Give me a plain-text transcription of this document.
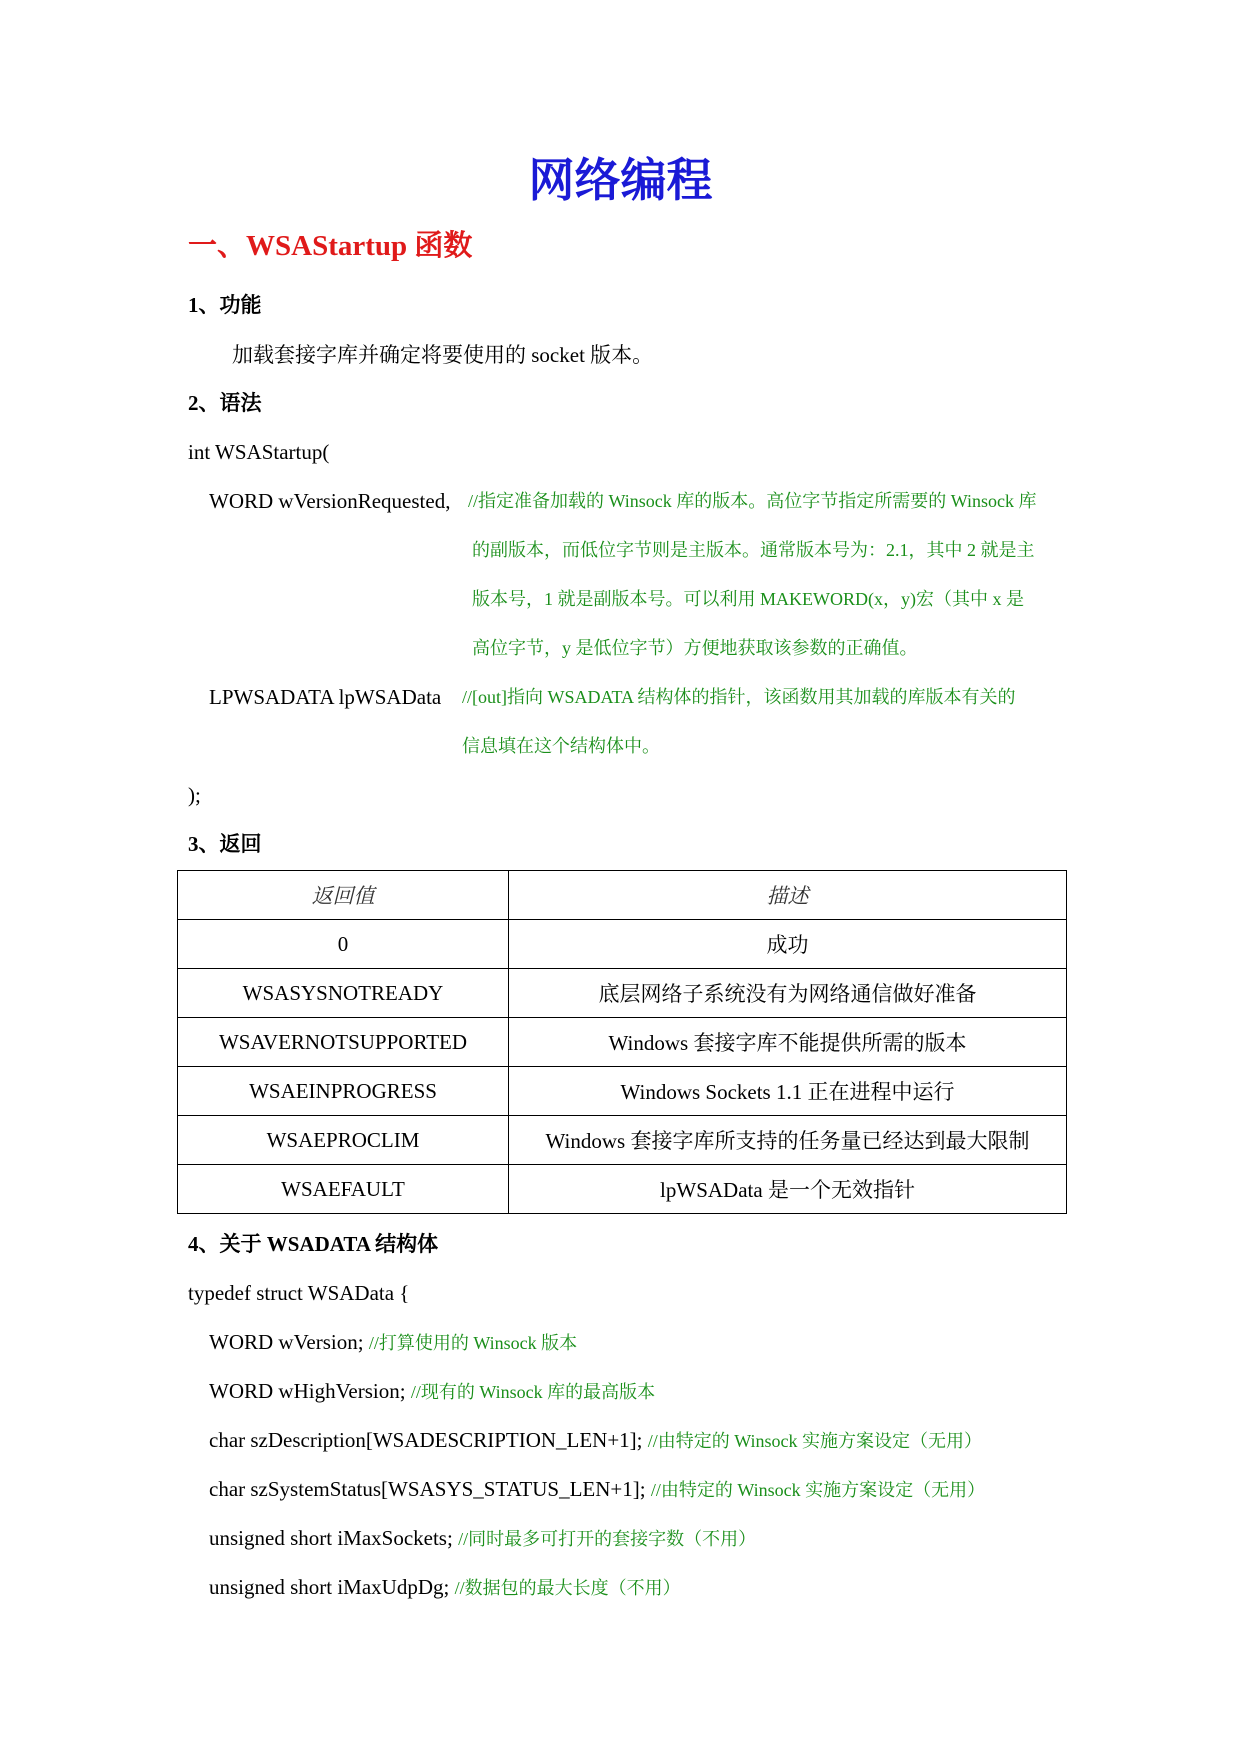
网络编程
一、WSAStartup 函数
1、功能
加载套接字库并确定将要使用的 socket 版本。
2、语法
int WSAStartup(
WORD wVersionRequested, //指定准备加载的 Winsock 库的版本。高位字节指定所需要的 Winsock 库
的副版本，而低位字节则是主版本。通常版本号为：2.1，其中 2 就是主
版本号，1 就是副版本号。可以利用 MAKEWORD(x，y)宏（其中 x 是
高位字节，y 是低位字节）方便地获取该参数的正确值。
LPWSADATA lpWSAData //[out]指向 WSADATA 结构体的指针，该函数用其加载的库版本有关的
信息填在这个结构体中。
);
3、返回
返回值	描述
0	成功
WSASYSNOTREADY	底层网络子系统没有为网络通信做好准备
WSAVERNOTSUPPORTED	Windows 套接字库不能提供所需的版本
WSAEINPROGRESS	Windows Sockets 1.1 正在进程中运行
WSAEPROCLIM	Windows 套接字库所支持的任务量已经达到最大限制
WSAEFAULT	lpWSAData 是一个无效指针
4、关于 WSADATA 结构体
typedef struct WSAData {
WORD wVersion; //打算使用的 Winsock 版本
WORD wHighVersion; //现有的 Winsock 库的最高版本
char szDescription[WSADESCRIPTION_LEN+1]; //由特定的 Winsock 实施方案设定（无用）
char szSystemStatus[WSASYS_STATUS_LEN+1]; //由特定的 Winsock 实施方案设定（无用）
unsigned short iMaxSockets; //同时最多可打开的套接字数（不用）
unsigned short iMaxUdpDg; //数据包的最大长度（不用）
